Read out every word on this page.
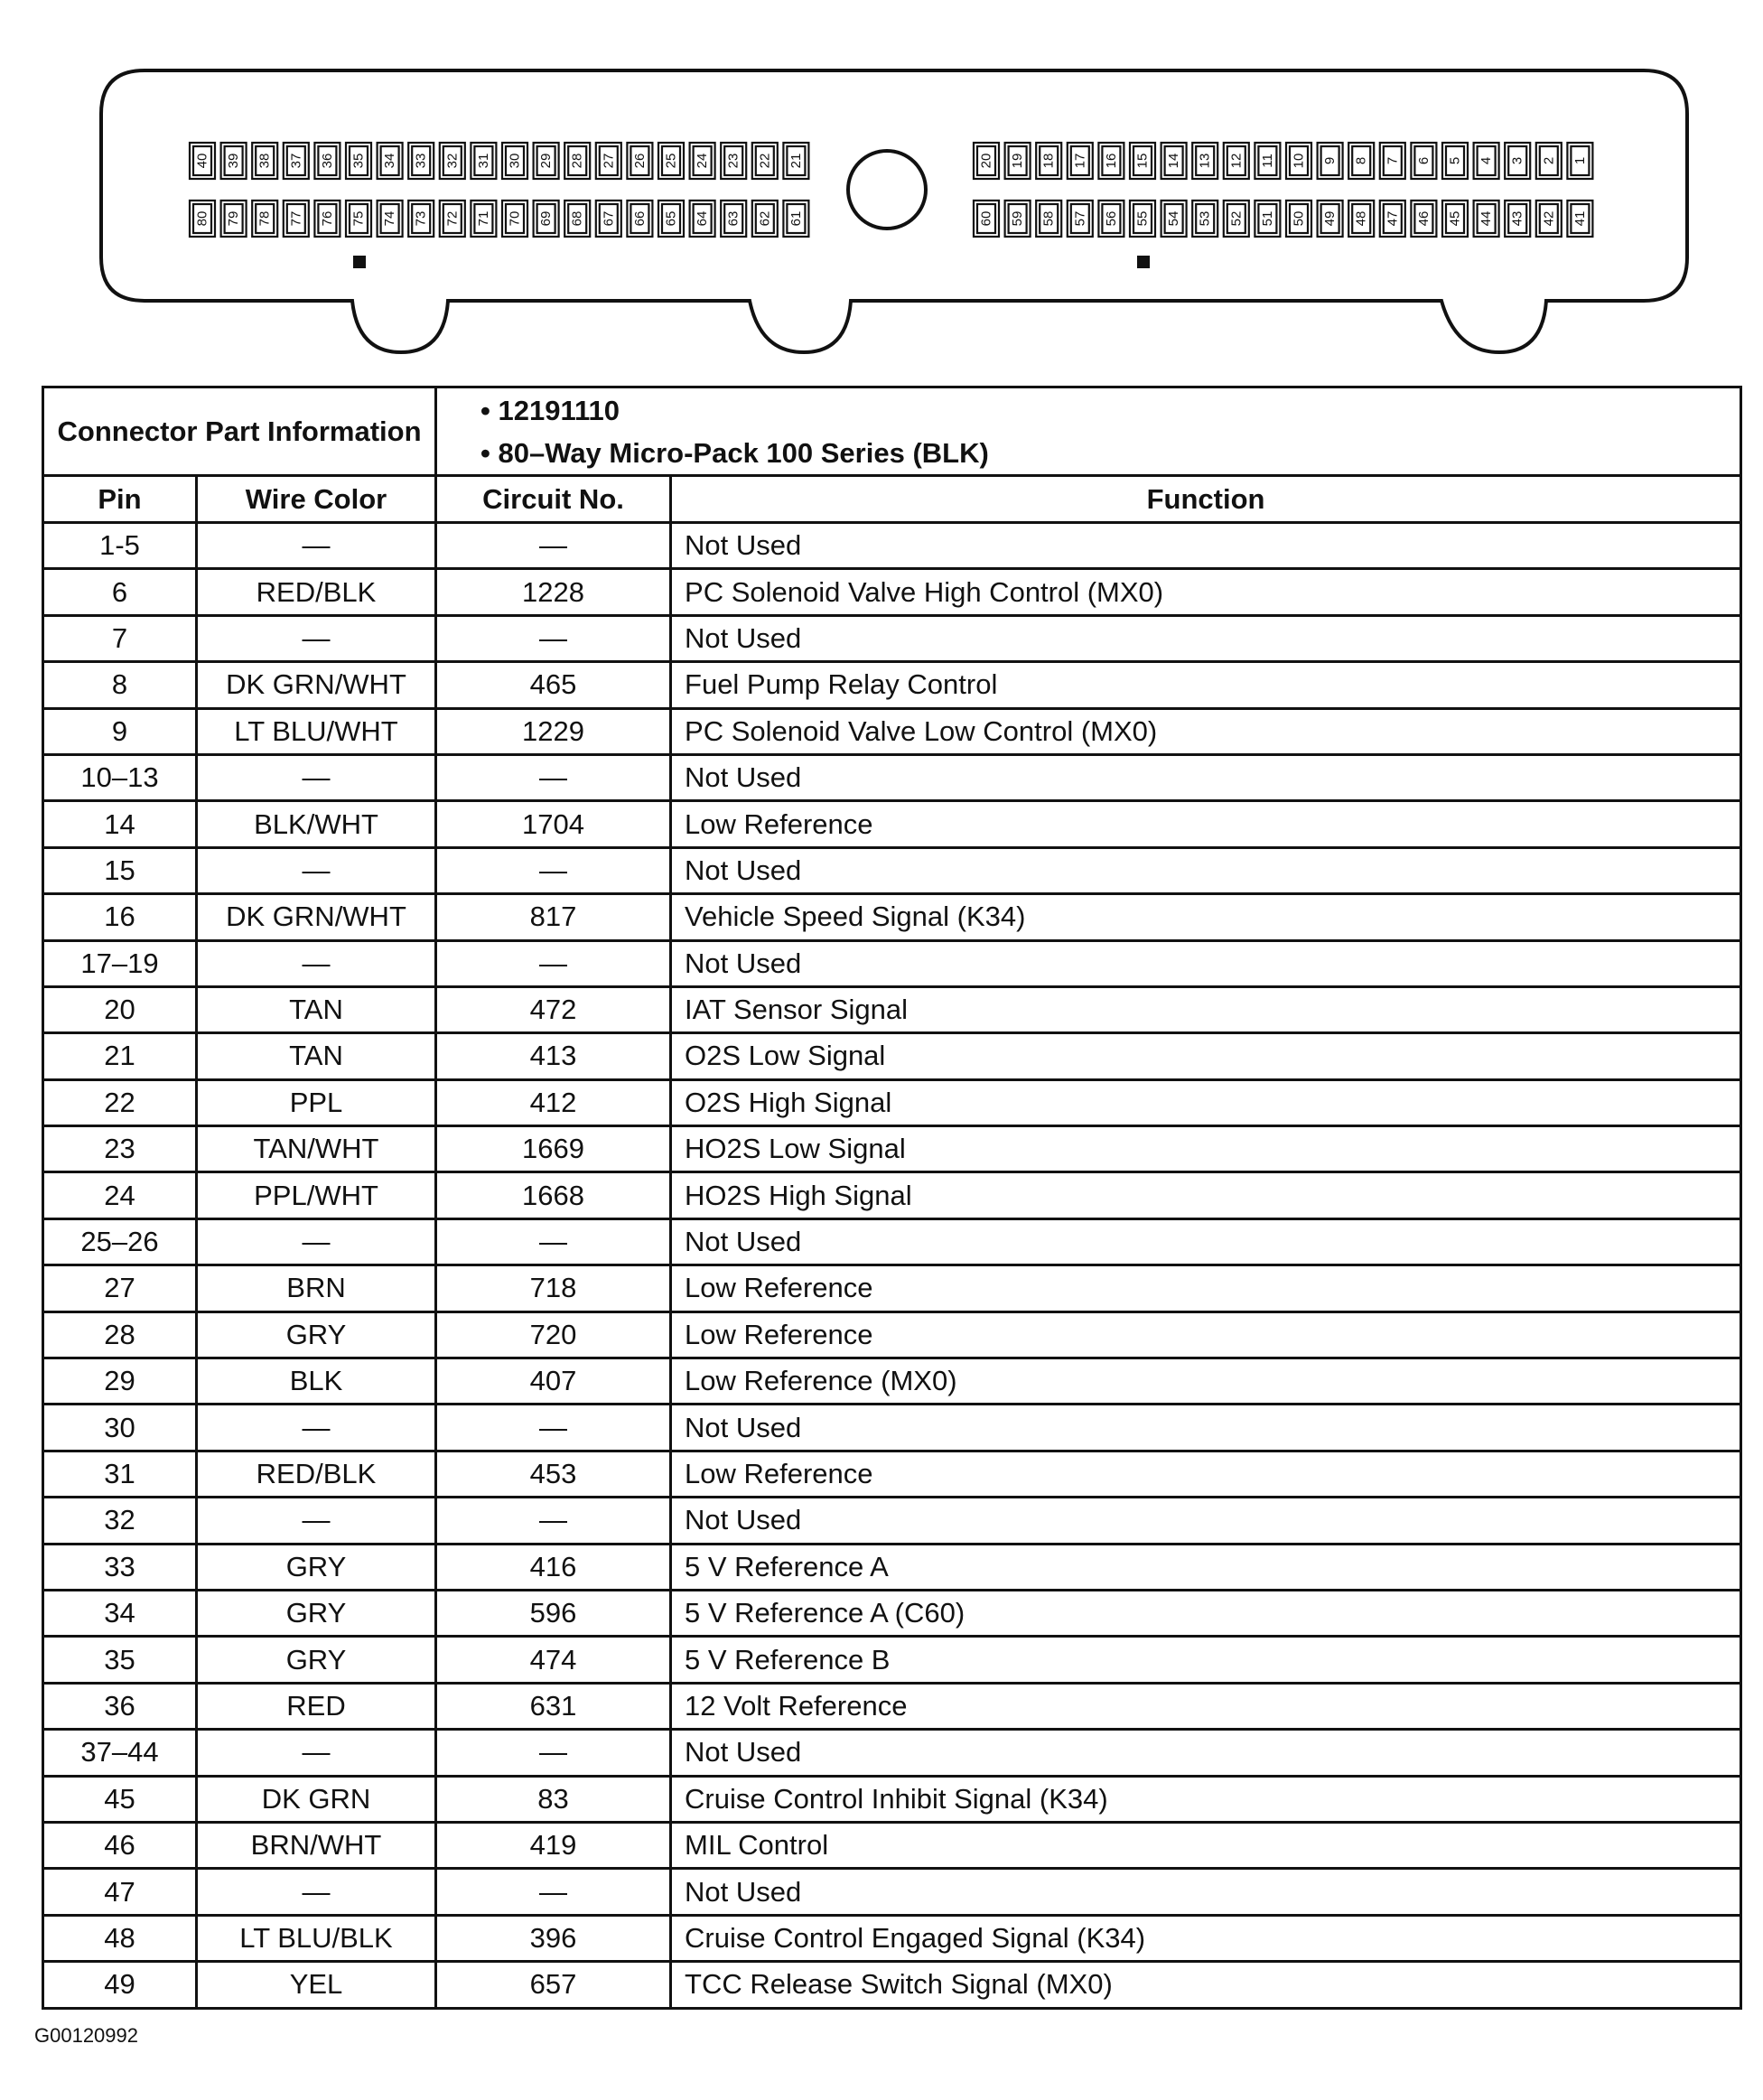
40 39 38 37 36 35 34 33 32 31 30 29 28 27 26 25 24 23 22 21
80 79 78 77 76 75 74 73 72 71 70 69 68 67 66 65 64 63 62 61
20 19 18 17 16 15 14 13 12 11 10 9 8 7 6 5 4 3 2 1
60 59 58 57 56 55 54 53 52 51 50 49 48 47 46 45 44 43 42 41
Connector Part Information		• 12191110
• 80–Way Micro-Pack 100 Series (BLK)	

Pin	Wire Color	Circuit No.	Function
1-5	—	—	Not Used
6	RED/BLK	1228	PC Solenoid Valve High Control (MX0)
7	—	—	Not Used
8	DK GRN/WHT	465	Fuel Pump Relay Control
9	LT BLU/WHT	1229	PC Solenoid Valve Low Control (MX0)
10–13	—	—	Not Used
14	BLK/WHT	1704	Low Reference
15	—	—	Not Used
16	DK GRN/WHT	817	Vehicle Speed Signal (K34)
17–19	—	—	Not Used
20	TAN	472	IAT Sensor Signal
21	TAN	413	O2S Low Signal
22	PPL	412	O2S High Signal
23	TAN/WHT	1669	HO2S Low Signal
24	PPL/WHT	1668	HO2S High Signal
25–26	—	—	Not Used
27	BRN	718	Low Reference
28	GRY	720	Low Reference
29	BLK	407	Low Reference (MX0)
30	—	—	Not Used
31	RED/BLK	453	Low Reference
32	—	—	Not Used
33	GRY	416	5 V Reference A
34	GRY	596	5 V Reference A (C60)
35	GRY	474	5 V Reference B
36	RED	631	12 Volt Reference
37–44	—	—	Not Used
45	DK GRN	83	Cruise Control Inhibit Signal (K34)
46	BRN/WHT	419	MIL Control
47	—	—	Not Used
48	LT BLU/BLK	396	Cruise Control Engaged Signal (K34)
49	YEL	657	TCC Release Switch Signal (MX0)
G00120992
